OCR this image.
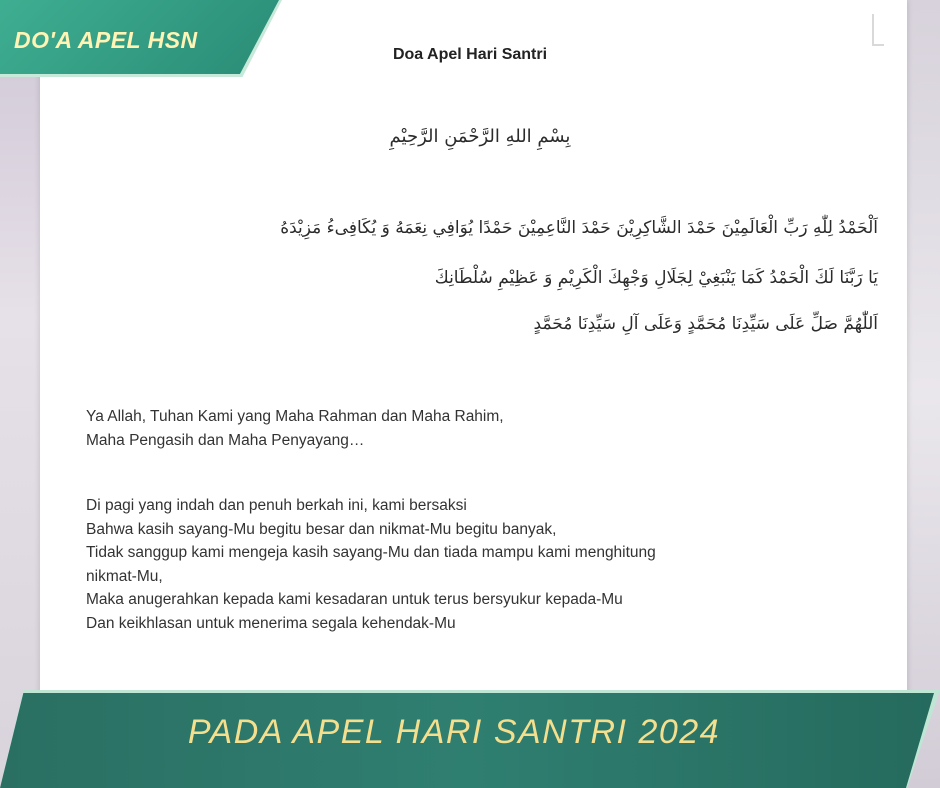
Doa Apel Hari Santri
بِسْمِ اللهِ الرَّحْمَنِ الرَّحِيْمِ
اَلْحَمْدُ لِلّٰهِ رَبِّ الْعَالَمِيْنَ حَمْدَ الشَّاكِرِيْنَ حَمْدَ النَّاعِمِيْنَ حَمْدًا يُوَافِي نِعَمَهُ وَ يُكَافِىءُ مَزِيْدَهُ
يَا رَبَّنَا لَكَ الْحَمْدُ كَمَا يَنْبَغِيْ لِجَلَالِ وَجْهِكَ الْكَرِيْمِ وَ عَظِيْمِ سُلْطَانِكَ
اَللّٰهُمَّ صَلِّ عَلَى سَيِّدِنَا مُحَمَّدٍ وَعَلَى آلِ سَيِّدِنَا مُحَمَّدٍ
Ya Allah, Tuhan Kami yang Maha Rahman dan Maha Rahim,
Maha Pengasih dan Maha Penyayang…
Di pagi yang indah dan penuh berkah ini, kami bersaksi
Bahwa kasih sayang-Mu begitu besar dan nikmat-Mu begitu banyak,
Tidak sanggup kami mengeja kasih sayang-Mu dan tiada mampu kami menghitung
nikmat-Mu,
Maka anugerahkan kepada kami kesadaran untuk terus bersyukur kepada-Mu
Dan keikhlasan untuk menerima segala kehendak-Mu
DO'A APEL HSN
PADA APEL HARI SANTRI 2024
